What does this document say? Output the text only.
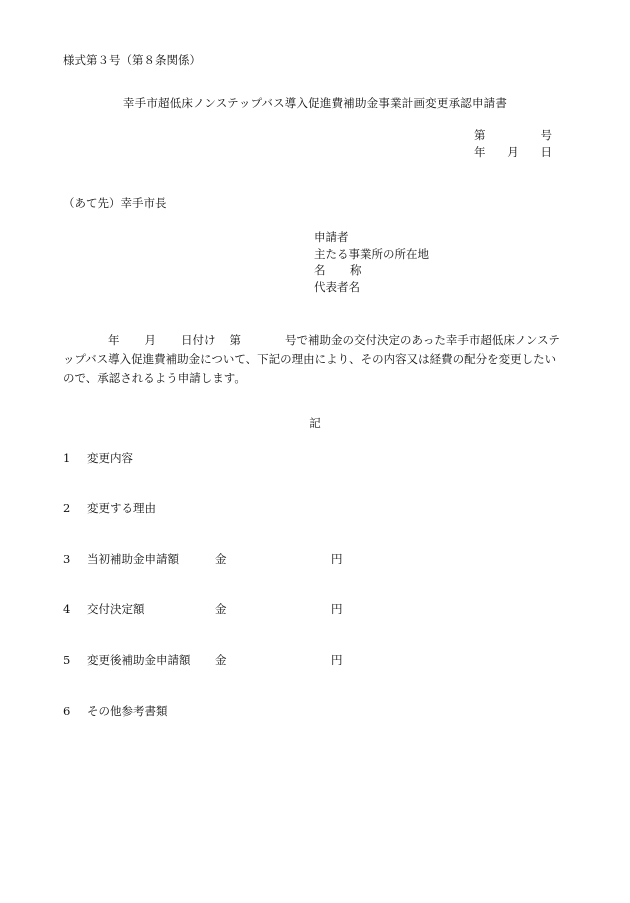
様式第３号（第８条関係）
幸手市超低床ノンステップバス導入促進費補助金事業計画変更承認申請書
第	号
年 月 日
（あて先）幸手市長
申請者
主たる事業所の所在地
名 称
代表者名
年 月 日付け 第	号で補助金の交付決定のあった幸手市超低床ノンステ
ップバス導入促進費補助金について、下記の理由により、その内容又は経費の配分を変更したい
ので、承認されるよう申請します。
記
1 変更内容
2 変更する理由
3 当初補助金申請額	金	円
4 交付決定額	金	円
5 変更後補助金申請額 金	円
6 その他参考書類
